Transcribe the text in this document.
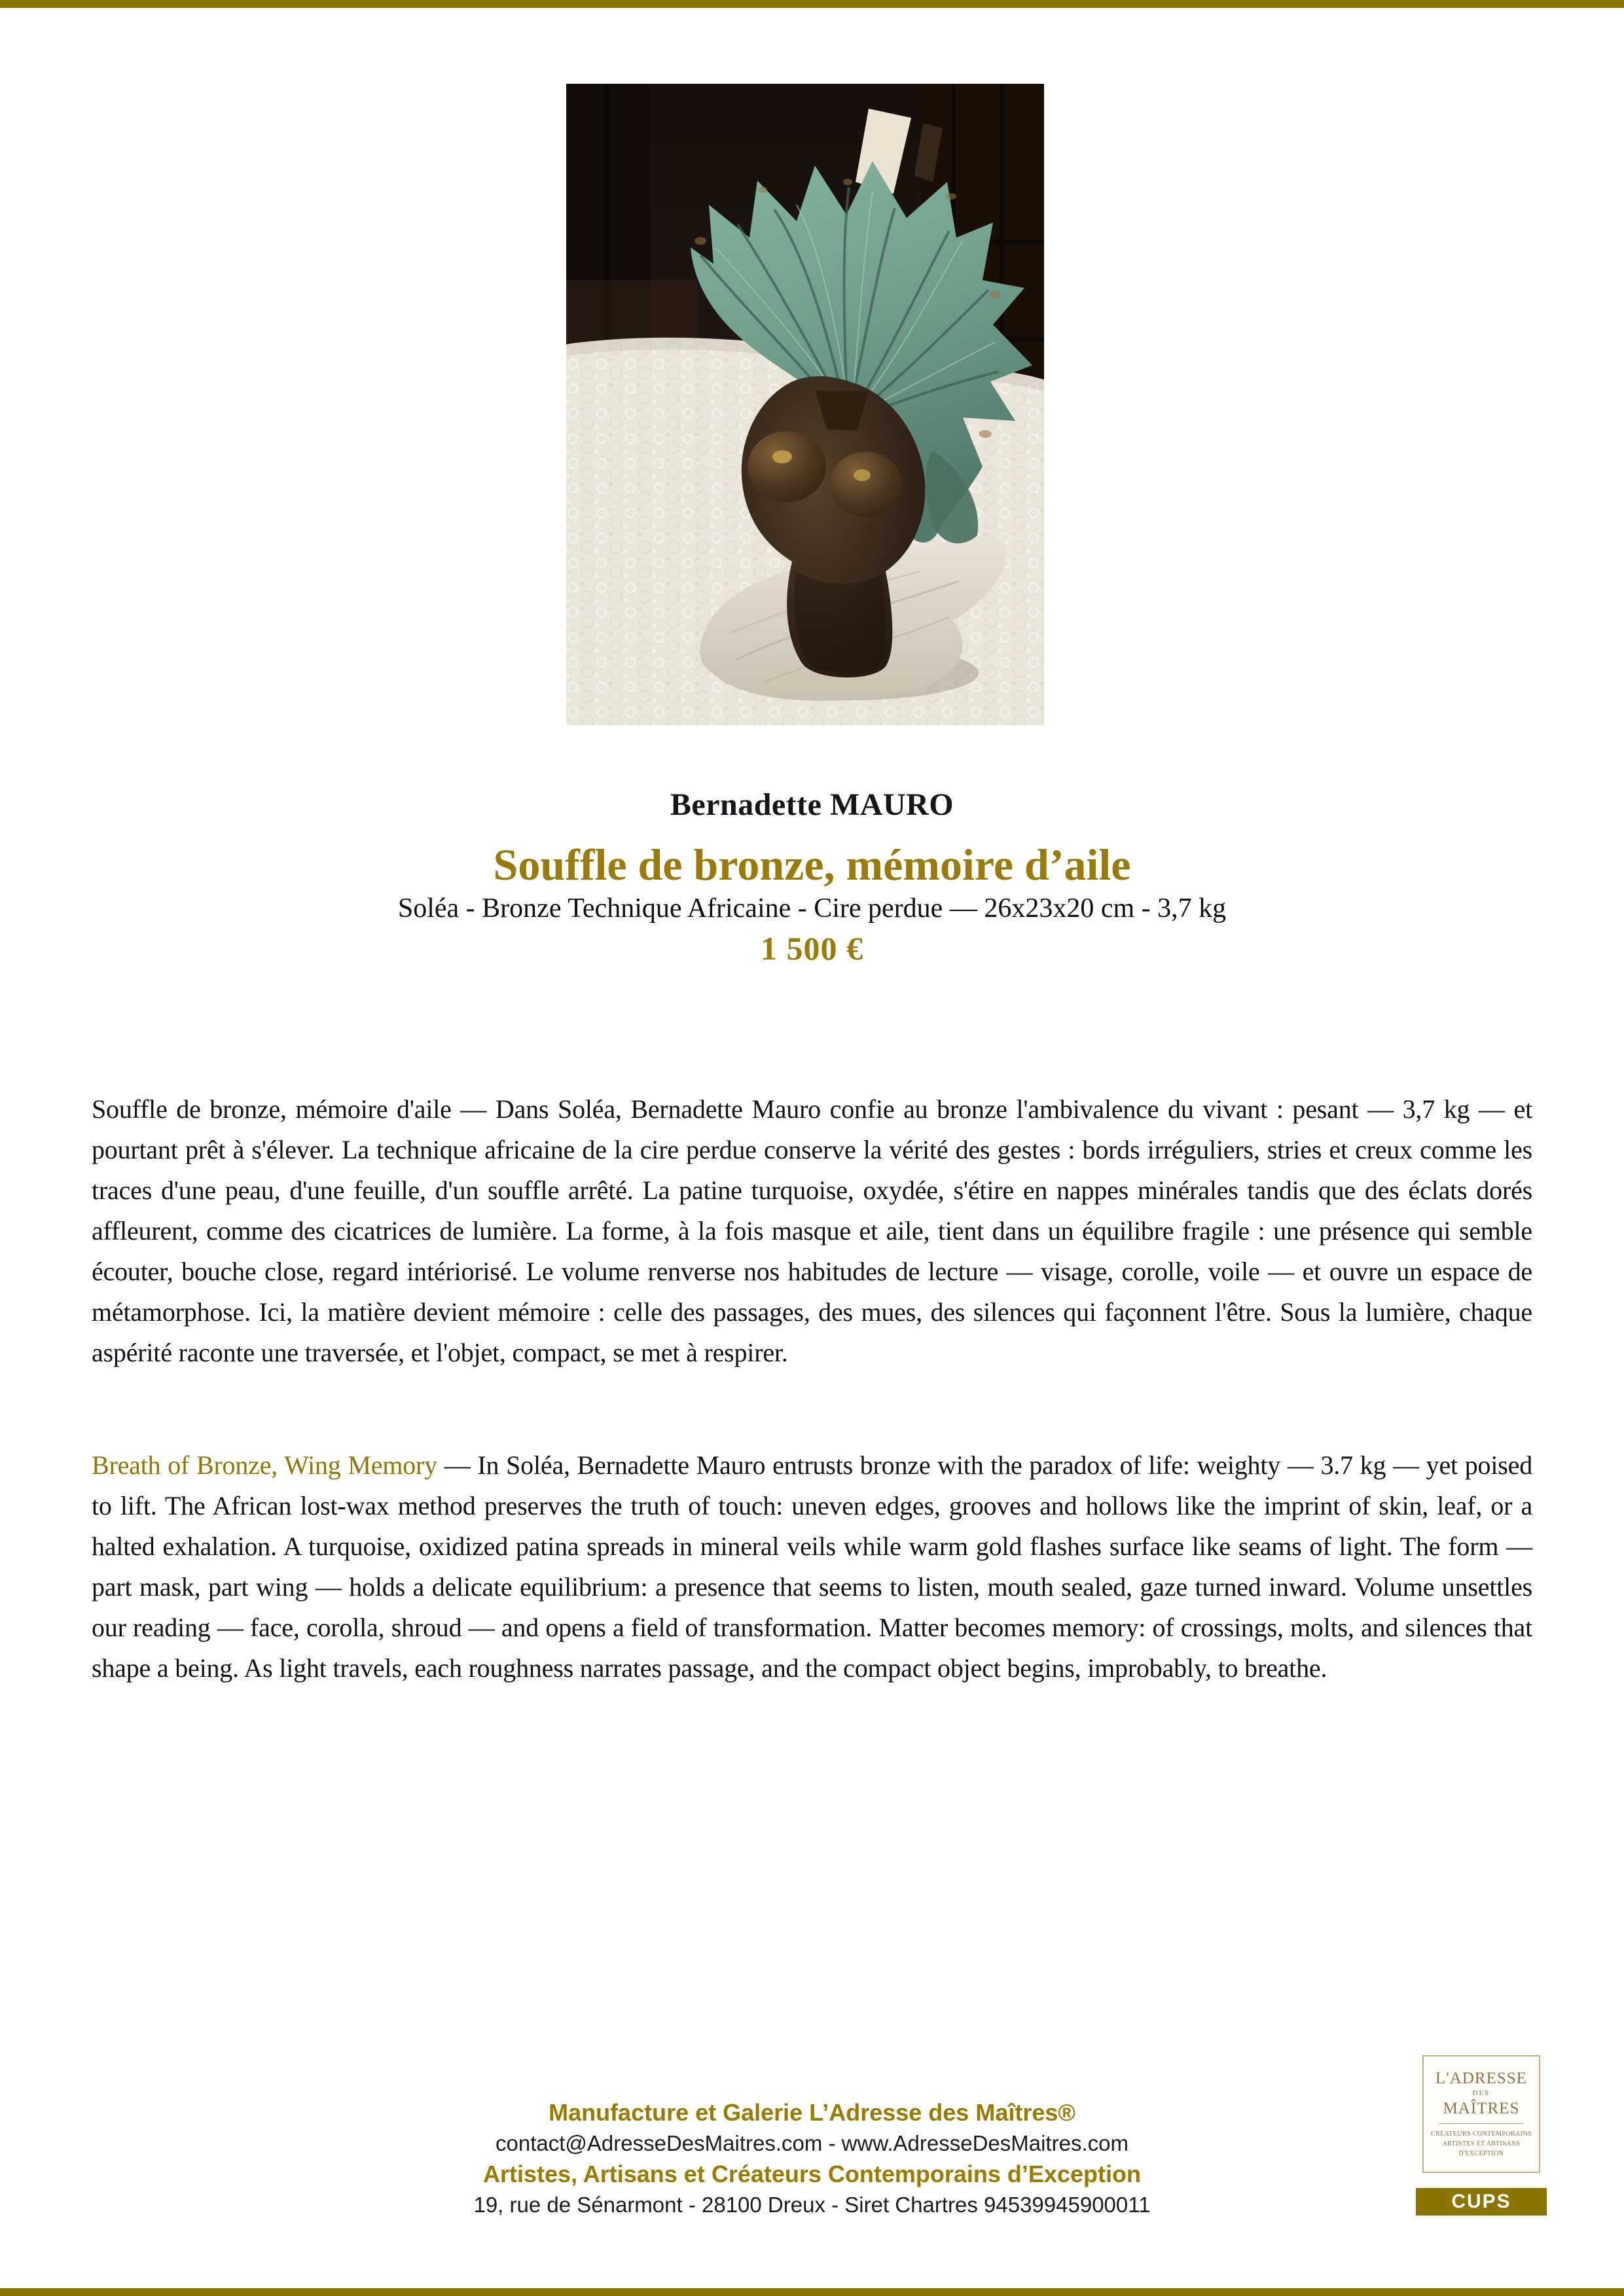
Bernadette MAURO
Souffle de bronze, mémoire d’aile
Soléa - Bronze Technique Africaine - Cire perdue — 26x23x20 cm - 3,7 kg
1 500 €

Souffle de bronze, mémoire d'aile — Dans Soléa, Bernadette Mauro confie au bronze l'ambivalence du vivant : pesant — 3,7 kg — et pourtant prêt à s'élever. La technique africaine de la cire perdue conserve la vérité des gestes : bords irréguliers, stries et creux comme les traces d'une peau, d'une feuille, d'un souffle arrêté. La patine turquoise, oxydée, s'étire en nappes minérales tandis que des éclats dorés affleurent, comme des cicatrices de lumière. La forme, à la fois masque et aile, tient dans un équilibre fragile : une présence qui semble écouter, bouche close, regard intériorisé. Le volume renverse nos habitudes de lecture — visage, corolle, voile — et ouvre un espace de métamorphose. Ici, la matière devient mémoire : celle des passages, des mues, des silences qui façonnent l'être. Sous la lumière, chaque aspérité raconte une traversée, et l'objet, compact, se met à respirer.

Breath of Bronze, Wing Memory — In Soléa, Bernadette Mauro entrusts bronze with the paradox of life: weighty — 3.7 kg — yet poised to lift. The African lost-wax method preserves the truth of touch: uneven edges, grooves and hollows like the imprint of skin, leaf, or a halted exhalation. A turquoise, oxidized patina spreads in mineral veils while warm gold flashes surface like seams of light. The form — part mask, part wing — holds a delicate equilibrium: a presence that seems to listen, mouth sealed, gaze turned inward. Volume unsettles our reading — face, corolla, shroud — and opens a field of transformation. Matter becomes memory: of crossings, molts, and silences that shape a being. As light travels, each roughness narrates passage, and the compact object begins, improbably, to breathe.

Manufacture et Galerie L’Adresse des Maîtres®
contact@AdresseDesMaitres.com - www.AdresseDesMaitres.com
Artistes, Artisans et Créateurs Contemporains d’Exception
19, rue de Sénarmont - 28100 Dreux - Siret Chartres 94539945900011
L'ADRESSE
DES
MAÎTRES
CRÉATEURS CONTEMPORAINS
ARTISTES ET ARTISANS
D'EXCEPTION
CUPS
